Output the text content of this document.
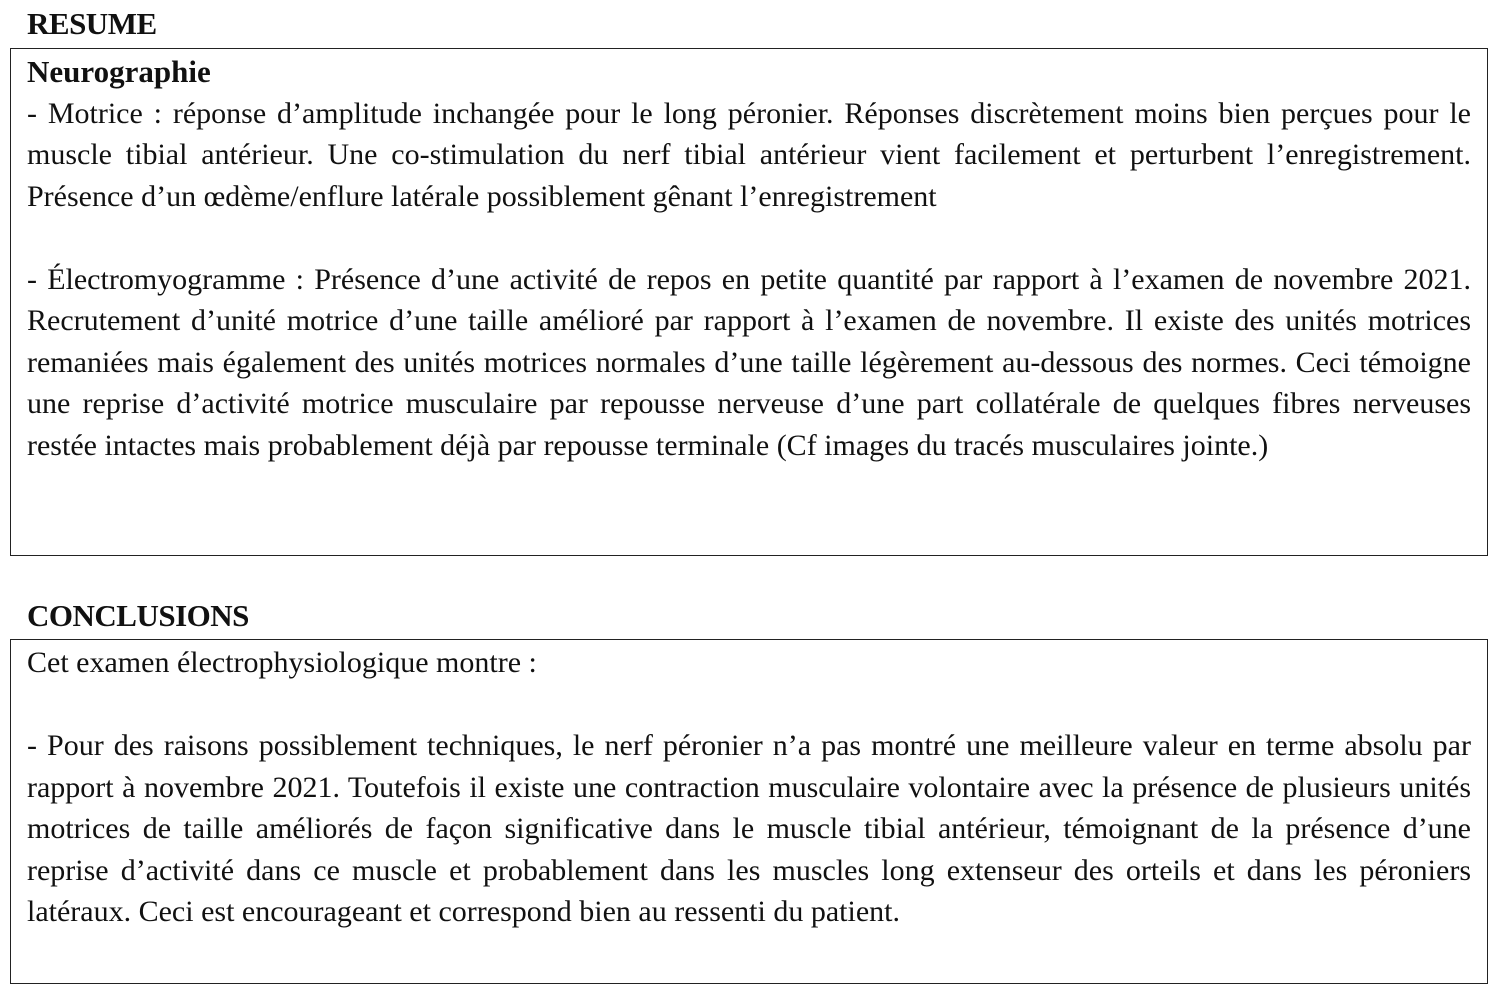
RESUME

Neurographie

- Motrice : réponse d’amplitude inchangée pour le long péronier. Réponses discrètement moins bien perçues pour le muscle tibial antérieur. Une co-stimulation du nerf tibial antérieur vient facilement et perturbent l’enregistrement. Présence d’un œdème/enflure latérale possiblement gênant l’enregistrement

- Électromyogramme : Présence d’une activité de repos en petite quantité par rapport à l’examen de novembre 2021. Recrutement d’unité motrice d’une taille amélioré par rapport à l’examen de novembre. Il existe des unités motrices remaniées mais également des unités motrices normales d’une taille légèrement au-dessous des normes. Ceci témoigne une reprise d’activité motrice musculaire par repousse nerveuse d’une part collatérale de quelques fibres nerveuses restée intactes mais probablement déjà par repousse terminale (Cf images du tracés musculaires jointe.)

CONCLUSIONS

Cet examen électrophysiologique montre :

- Pour des raisons possiblement techniques, le nerf péronier n’a pas montré une meilleure valeur en terme absolu par rapport à novembre 2021. Toutefois il existe une contraction musculaire volontaire avec la présence de plusieurs unités motrices de taille améliorés de façon significative dans le muscle tibial antérieur, témoignant de la présence d’une reprise d’activité dans ce muscle et probablement dans les muscles long extenseur des orteils et dans les péroniers latéraux. Ceci est encourageant et correspond bien au ressenti du patient.
